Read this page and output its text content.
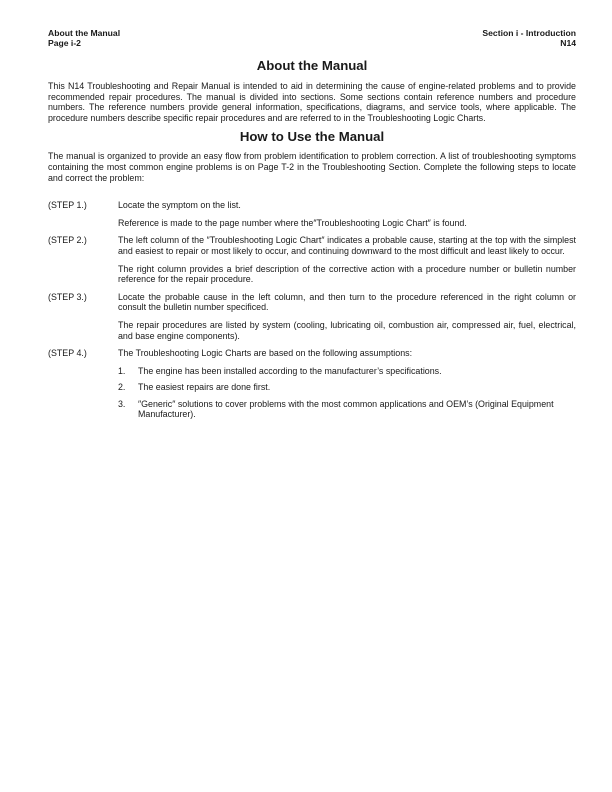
About the Manual
Page i-2
Section i - Introduction
N14
About the Manual

This N14 Troubleshooting and Repair Manual is intended to aid in determining the cause of engine-related problems and to provide recommended repair procedures. The manual is divided into sections. Some sections contain reference numbers and procedure numbers. The reference numbers provide general information, specifications, diagrams, and service tools, where applicable. The procedure numbers describe specific repair procedures and are referred to in the Troubleshooting Logic Charts.

How to Use the Manual

The manual is organized to provide an easy flow from problem identification to problem correction. A list of troubleshooting symptoms containing the most common engine problems is on Page T-2 in the Troubleshooting Section. Complete the following steps to locate and correct the problem:

(STEP 1.)	Locate the symptom on the list.

Reference is made to the page number where the″Troubleshooting Logic Chart″ is found.

(STEP 2.)	The left column of the ″Troubleshooting Logic Chart″ indicates a probable cause, starting at the top with the simplest and easiest to repair or most likely to occur, and continuing downward to the most difficult and least likely to occur.

The right column provides a brief description of the corrective action with a procedure number or bulletin number reference for the repair procedure.

(STEP 3.)	Locate the probable cause in the left column, and then turn to the procedure referenced in the right column or consult the bulletin number specificed.

The repair procedures are listed by system (cooling, lubricating oil, combustion air, compressed air, fuel, electrical, and base engine components).

(STEP 4.)	The Troubleshooting Logic Charts are based on the following assumptions:

1.	The engine has been installed according to the manufacturer’s specifications.
2.	The easiest repairs are done first.
3.	″Generic″ solutions to cover problems with the most common applications and OEM’s (Original Equipment Manufacturer).
